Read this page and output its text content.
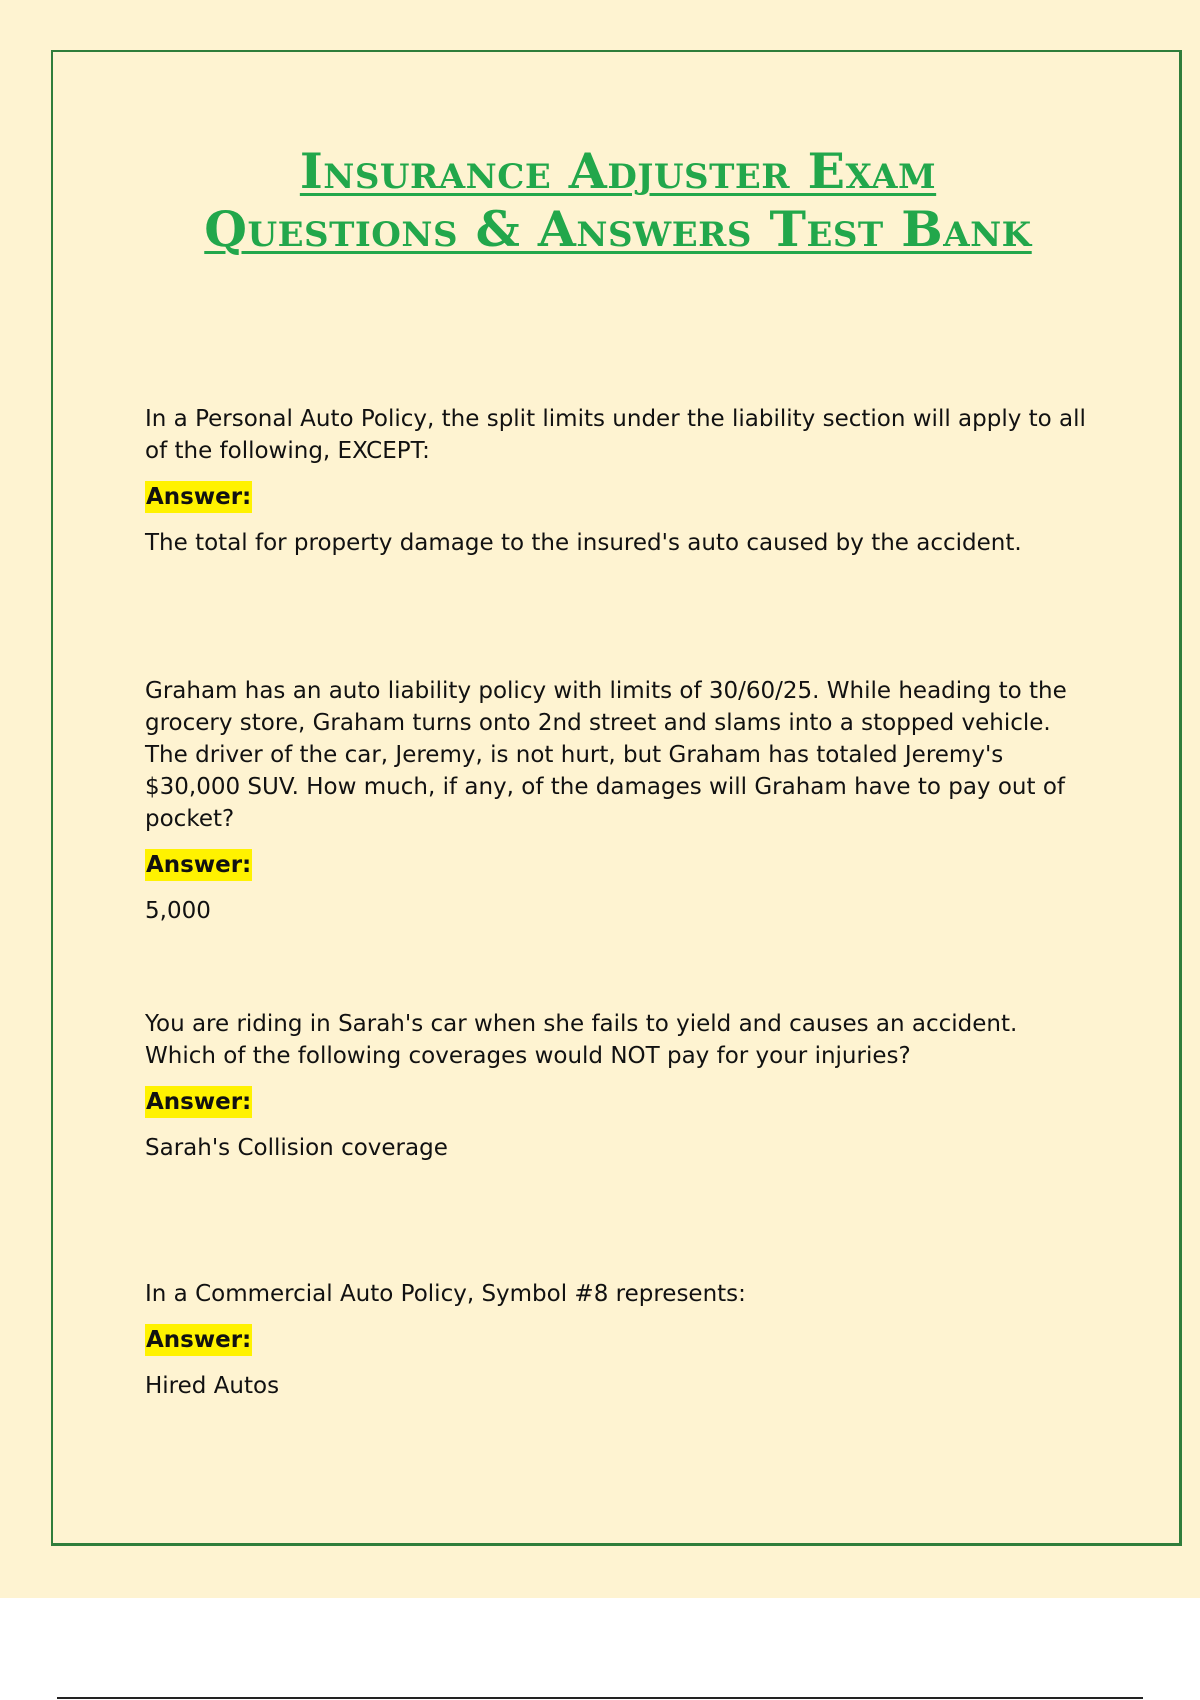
Insurance Adjuster Exam
Questions & Answers Test Bank

In a Personal Auto Policy, the split limits under the liability section will apply to all of the following, EXCEPT:

Answer:

The total for property damage to the insured's auto caused by the accident.

Graham has an auto liability policy with limits of 30/60/25. While heading to the grocery store, Graham turns onto 2nd street and slams into a stopped vehicle. The driver of the car, Jeremy, is not hurt, but Graham has totaled Jeremy's $30,000 SUV. How much, if any, of the damages will Graham have to pay out of pocket?

Answer:

5,000

You are riding in Sarah's car when she fails to yield and causes an accident. Which of the following coverages would NOT pay for your injuries?

Answer:

Sarah's Collision coverage

In a Commercial Auto Policy, Symbol #8 represents:

Answer:

Hired Autos
